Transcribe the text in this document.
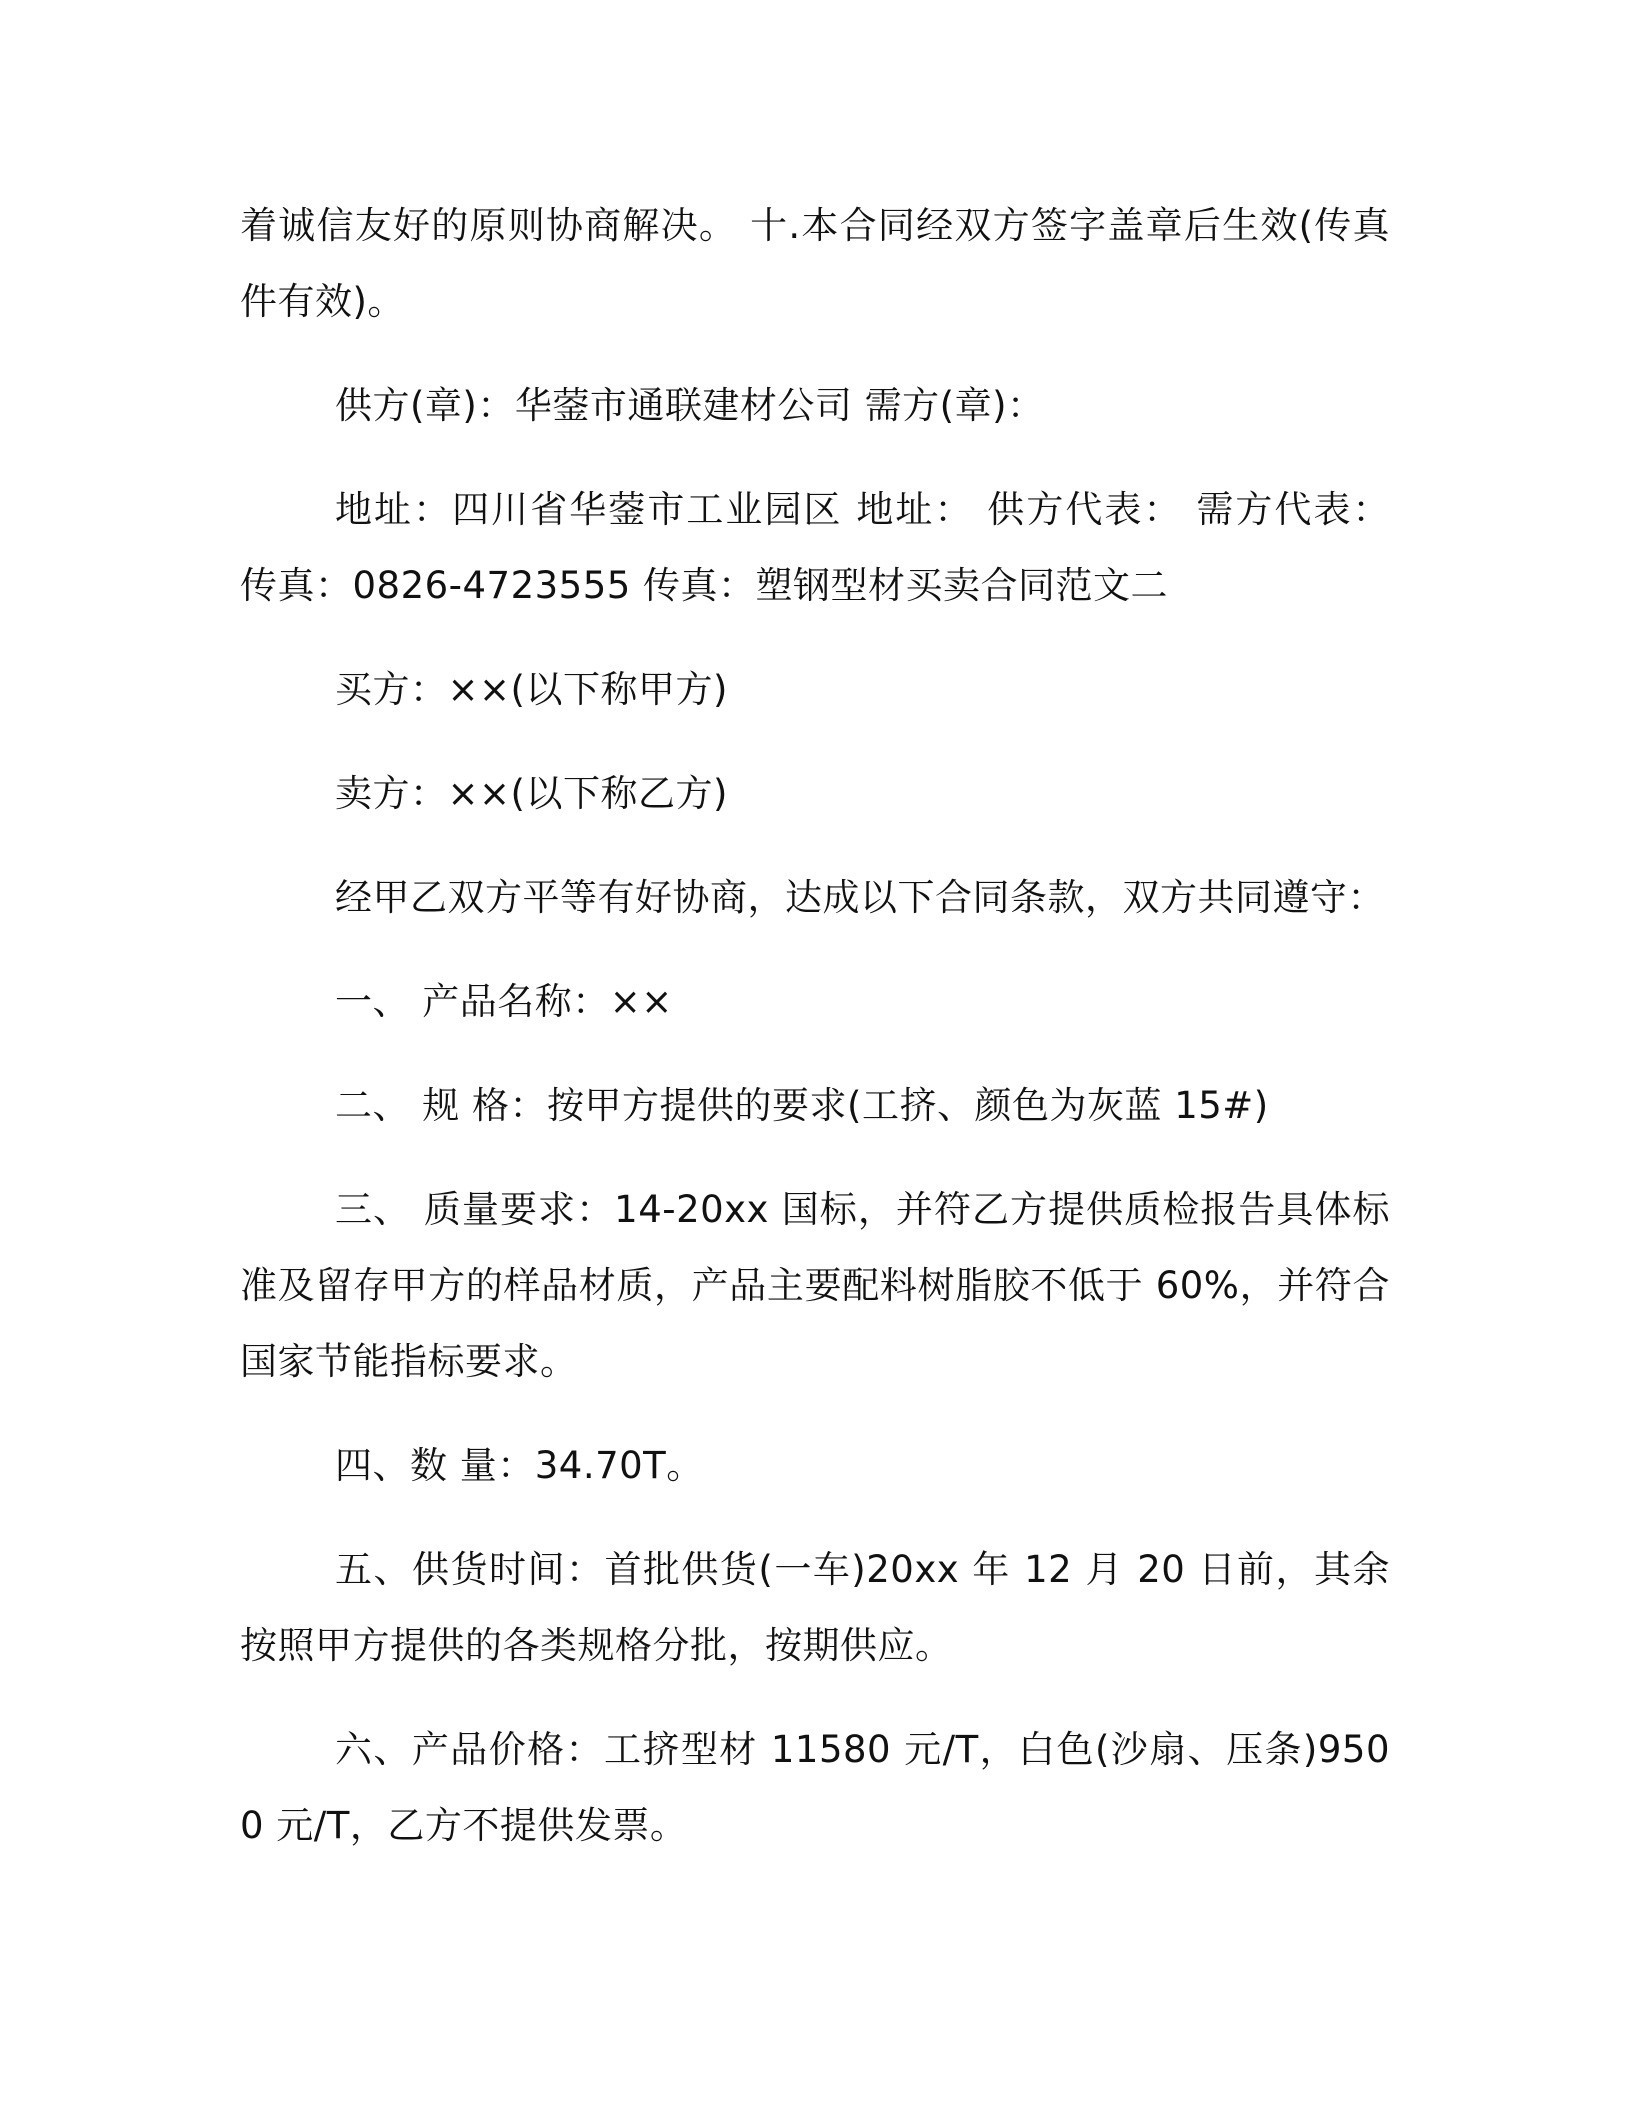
着诚信友好的原则协商解决。 十.本合同经双方签字盖章后生效(传真件有效)。

供方(章)：华蓥市通联建材公司 需方(章)：

地址：四川省华蓥市工业园区 地址： 供方代表： 需方代表： 传真：0826-4723555 传真：塑钢型材买卖合同范文二

买方：××(以下称甲方)

卖方：××(以下称乙方)

经甲乙双方平等有好协商，达成以下合同条款，双方共同遵守：

一、 产品名称：××

二、 规 格：按甲方提供的要求(工挤、颜色为灰蓝 15#)

三、 质量要求：14-20xx 国标，并符乙方提供质检报告具体标准及留存甲方的样品材质，产品主要配料树脂胶不低于 60%，并符合国家节能指标要求。

四、数 量：34.70T。

五、供货时间：首批供货(一车)20xx 年 12 月 20 日前，其余按照甲方提供的各类规格分批，按期供应。

六、产品价格：工挤型材 11580 元/T，白色(沙扇、压条)9500 元/T，乙方不提供发票。
